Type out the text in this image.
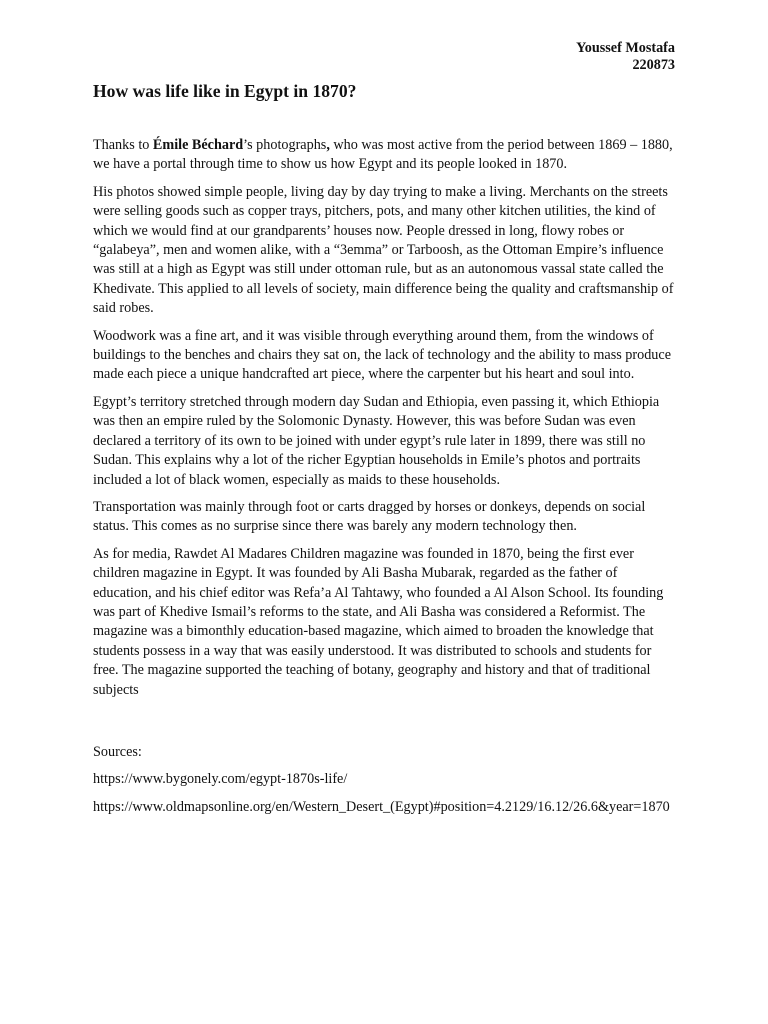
Youssef Mostafa
220873
How was life like in Egypt in 1870?

Thanks to Émile Béchard’s photographs, who was most active from the period between 1869 – 1880, we have a portal through time to show us how Egypt and its people looked in 1870.

His photos showed simple people, living day by day trying to make a living. Merchants on the streets were selling goods such as copper trays, pitchers, pots, and many other kitchen utilities, the kind of which we would find at our grandparents’ houses now. People dressed in long, flowy robes or “galabeya”, men and women alike, with a “3emma” or Tarboosh, as the Ottoman Empire’s influence was still at a high as Egypt was still under ottoman rule, but as an autonomous vassal state called the Khedivate. This applied to all levels of society, main difference being the quality and craftsmanship of said robes.

Woodwork was a fine art, and it was visible through everything around them, from the windows of buildings to the benches and chairs they sat on, the lack of technology and the ability to mass produce made each piece a unique handcrafted art piece, where the carpenter but his heart and soul into.

Egypt’s territory stretched through modern day Sudan and Ethiopia, even passing it, which Ethiopia was then an empire ruled by the Solomonic Dynasty. However, this was before Sudan was even declared a territory of its own to be joined with under egypt’s rule later in 1899, there was still no Sudan. This explains why a lot of the richer Egyptian households in Emile’s photos and portraits included a lot of black women, especially as maids to these households.

Transportation was mainly through foot or carts dragged by horses or donkeys, depends on social status. This comes as no surprise since there was barely any modern technology then.

As for media, Rawdet Al Madares Children magazine was founded in 1870, being the first ever children magazine in Egypt. It was founded by Ali Basha Mubarak, regarded as the father of education, and his chief editor was Refa’a Al Tahtawy, who founded a Al Alson School. Its founding was part of Khedive Ismail’s reforms to the state, and Ali Basha was considered a Reformist. The magazine was a bimonthly education-based magazine, which aimed to broaden the knowledge that students possess in a way that was easily understood. It was distributed to schools and students for free. The magazine supported the teaching of botany, geography and history and that of traditional subjects

Sources:

https://www.bygonely.com/egypt-1870s-life/

https://www.oldmapsonline.org/en/Western_Desert_(Egypt)#position=4.2129/16.12/26.6&year=1870
